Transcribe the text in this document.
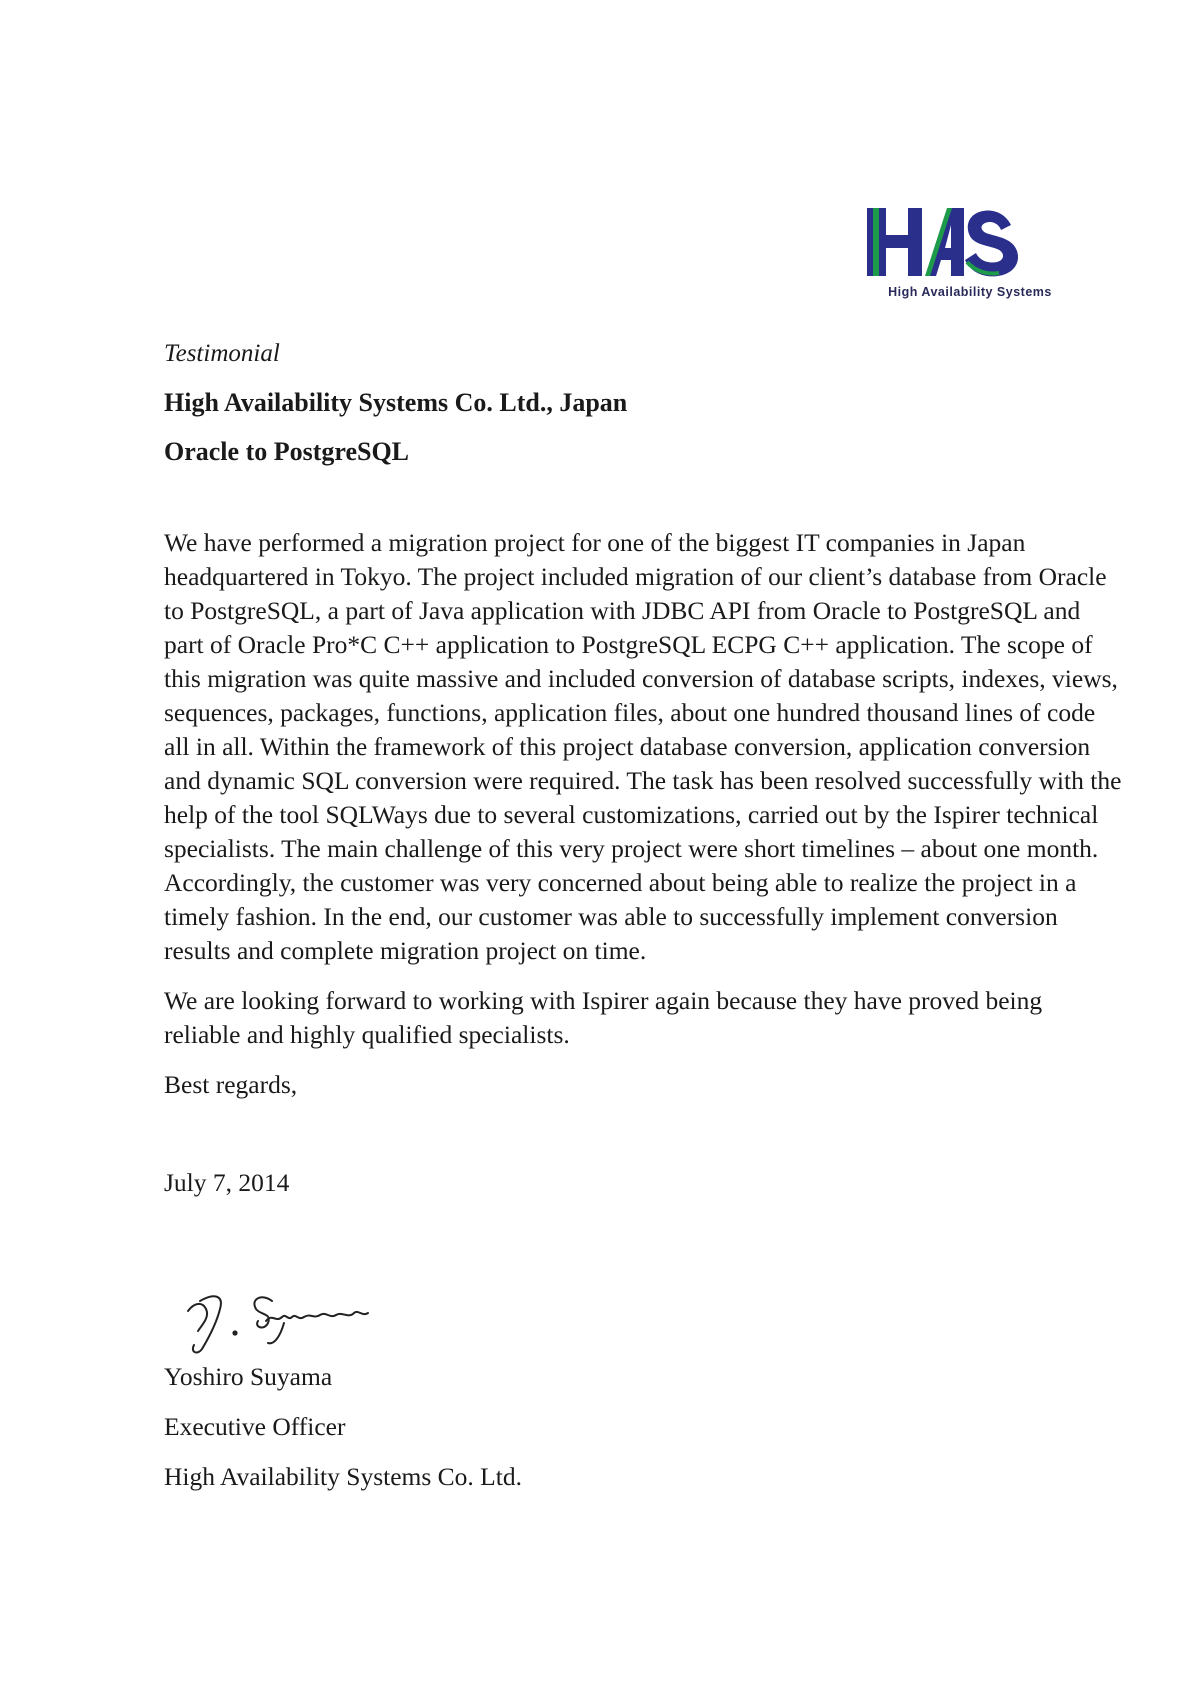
High Availability Systems

Testimonial

High Availability Systems Co. Ltd., Japan

Oracle to PostgreSQL

We have performed a migration project for one of the biggest IT companies in Japan headquartered in Tokyo. The project included migration of our client’s database from Oracle to PostgreSQL, a part of Java application with JDBC API from Oracle to PostgreSQL and part of Oracle Pro*C C++ application to PostgreSQL ECPG C++ application. The scope of this migration was quite massive and included conversion of database scripts, indexes, views, sequences, packages, functions, application files, about one hundred thousand lines of code all in all. Within the framework of this project database conversion, application conversion and dynamic SQL conversion were required. The task has been resolved successfully with the help of the tool SQLWays due to several customizations, carried out by the Ispirer technical specialists. The main challenge of this very project were short timelines – about one month. Accordingly, the customer was very concerned about being able to realize the project in a timely fashion. In the end, our customer was able to successfully implement conversion results and complete migration project on time.

We are looking forward to working with Ispirer again because they have proved being reliable and highly qualified specialists.

Best regards,

July 7, 2014

Yoshiro Suyama

Executive Officer

High Availability Systems Co. Ltd.
